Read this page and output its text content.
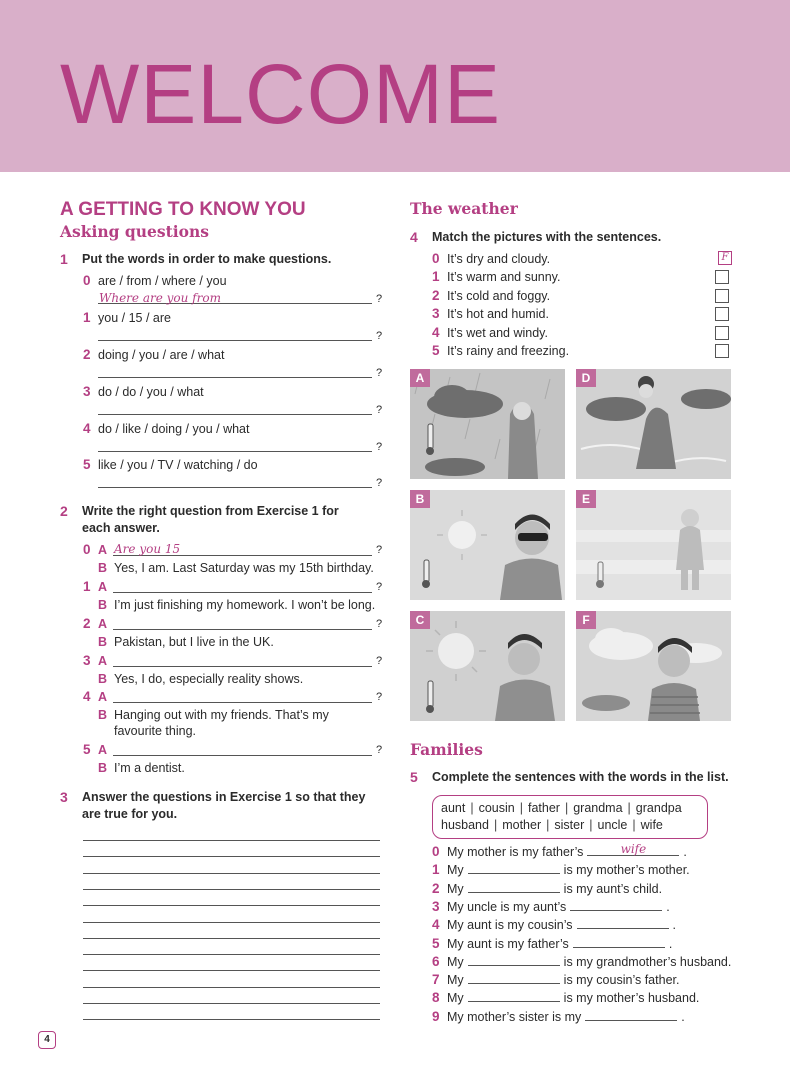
WELCOME
A GETTING TO KNOW YOU
Asking questions
1 Put the words in order to make questions.
0 are / from / where / you
?
Where are you from
1 you / 15 / are
?
2 doing / you / are / what
?
3 do / do / you / what
?
4 do / like / doing / you / what
?
5 like / you / TV / watching / do
?
2 Write the right question from Exercise 1 for
each answer.
0 A	?
Are you 15
B Yes, I am. Last Saturday was my 15th birthday.
1 A	?
B I’m just finishing my homework. I won’t be long.
2 A	?
B Pakistan, but I live in the UK.
3 A	?
B Yes, I do, especially reality shows.
4 A	?
B Hanging out with my friends. That’s my
favourite thing.
5 A	?
B I’m a dentist.
3 Answer the questions in Exercise 1 so that they
are true for you.
4
The weather
4 Match the pictures with the sentences.
0 It’s dry and cloudy.
1 It’s warm and sunny.
2 It’s cold and foggy.
3 It’s hot and humid.
4 It’s wet and windy.
5 It’s rainy and freezing.
F
A	D
B	E
C	F
Families
5 Complete the sentences with the words in the list.
aunt | cousin | father | grandma | grandpa
husband | mother | sister | uncle | wife
0 My mother is my father’s	wife	.
1 My	is my mother’s mother.
2 My	is my aunt’s child.
3 My uncle is my aunt’s	.
4 My aunt is my cousin’s	.
5 My aunt is my father’s	.
6 My	is my grandmother’s husband.
7 My	is my cousin’s father.
8 My	is my mother’s husband.
9 My mother’s sister is my	.
